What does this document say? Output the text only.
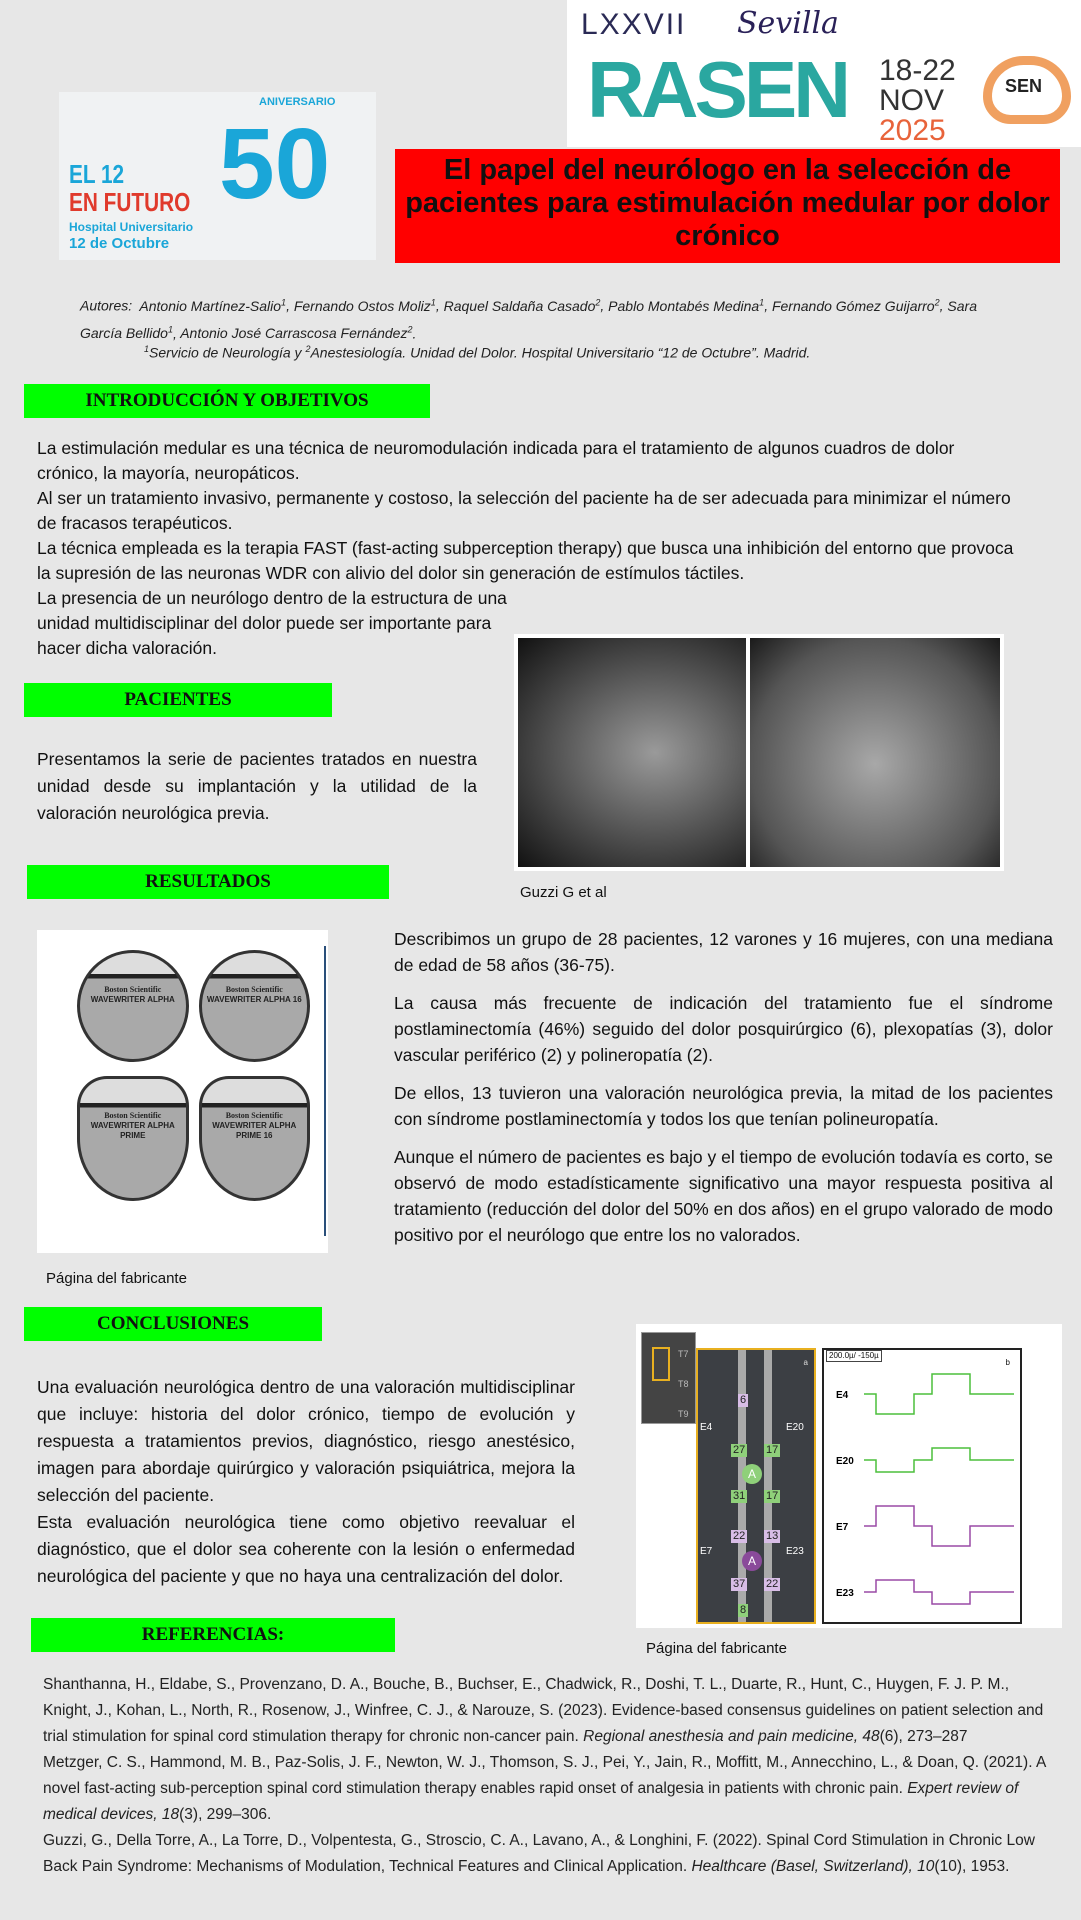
LXXVII
RASEN
Sevilla
18-22
NOV
2025
SEN
50
ANIVERSARIO
EL 12
EN FUTURO
Hospital Universitario
12 de Octubre
El papel del neurólogo en la selección de pacientes para estimulación medular por dolor crónico
Autores: Antonio Martínez-Salio$^1$, Fernando Ostos Moliz$^1$, Raquel Saldaña Casado$^2$, Pablo Montabés Medina$^1$, Fernando Gómez Guijarro$^2$, Sara García Bellido$^1$, Antonio José Carrascosa Fernández$^2$.
$^1$Servicio de Neurología y $^2$Anestesiología. Unidad del Dolor. Hospital Universitario “12 de Octubre”. Madrid.
INTRODUCCIÓN Y OBJETIVOS

La estimulación medular es una técnica de neuromodulación indicada para el tratamiento de algunos cuadros de dolor crónico, la mayoría, neuropáticos.

Al ser un tratamiento invasivo, permanente y costoso, la selección del paciente ha de ser adecuada para minimizar el número de fracasos terapéuticos.

La técnica empleada es la terapia FAST (fast-acting subperception therapy) que busca una inhibición del entorno que provoca la supresión de las neuronas WDR con alivio del dolor sin generación de estímulos táctiles.

La presencia de un neurólogo dentro de la estructura de una unidad multidisciplinar del dolor puede ser importante para hacer dicha valoración.

Guzzi G et al
PACIENTES
Presentamos la serie de pacientes tratados en nuestra unidad desde su implantación y la utilidad de la valoración neurológica previa.
RESULTADOS
Boston Scientific
WAVEWRITER ALPHA
Boston Scientific
WAVEWRITER ALPHA 16
Boston Scientific
WAVEWRITER ALPHA PRIME
Boston Scientific
WAVEWRITER ALPHA PRIME 16
Página del fabricante

Describimos un grupo de 28 pacientes, 12 varones y 16 mujeres, con una mediana de edad de 58 años (36-75).

La causa más frecuente de indicación del tratamiento fue el síndrome postlaminectomía (46%) seguido del dolor posquirúrgico (6), plexopatías (3), dolor vascular periférico (2) y polineropatía (2).

De ellos, 13 tuvieron una valoración neurológica previa, la mitad de los pacientes con síndrome postlaminectomía y todos los que tenían polineuropatía.

Aunque el número de pacientes es bajo y el tiempo de evolución todavía es corto, se observó de modo estadísticamente significativo una mayor respuesta positiva al tratamiento (reducción del dolor del 50% en dos años) en el grupo valorado de modo positivo por el neurólogo que entre los no valorados.

CONCLUSIONES

Una evaluación neurológica dentro de una valoración multidisciplinar que incluye: historia del dolor crónico, tiempo de evolución y respuesta a tratamientos previos, diagnóstico, riesgo anestésico, imagen para abordaje quirúrgico y valoración psiquiátrica, mejora la selección del paciente.

Esta evaluación neurológica tiene como objetivo reevaluar el diagnóstico, que el dolor sea coherente con la lesión o enfermedad neurológica del paciente y que no haya una centralización del dolor.

T7
T8
T9
a
6
27 17
31 17
22 13
37 22
8
E4	E20
E7	E23
A
A
200.0µ/ -150µ
b
E4
E20
E7
E23
Página del fabricante
REFERENCIAS:

Shanthanna, H., Eldabe, S., Provenzano, D. A., Bouche, B., Buchser, E., Chadwick, R., Doshi, T. L., Duarte, R., Hunt, C., Huygen, F. J. P. M., Knight, J., Kohan, L., North, R., Rosenow, J., Winfree, C. J., & Narouze, S. (2023). Evidence-based consensus guidelines on patient selection and trial stimulation for spinal cord stimulation therapy for chronic non-cancer pain. Regional anesthesia and pain medicine, 48(6), 273–287

Metzger, C. S., Hammond, M. B., Paz-Solis, J. F., Newton, W. J., Thomson, S. J., Pei, Y., Jain, R., Moffitt, M., Annecchino, L., & Doan, Q. (2021). A novel fast-acting sub-perception spinal cord stimulation therapy enables rapid onset of analgesia in patients with chronic pain. Expert review of medical devices, 18(3), 299–306.

Guzzi, G., Della Torre, A., La Torre, D., Volpentesta, G., Stroscio, C. A., Lavano, A., & Longhini, F. (2022). Spinal Cord Stimulation in Chronic Low Back Pain Syndrome: Mechanisms of Modulation, Technical Features and Clinical Application. Healthcare (Basel, Switzerland), 10(10), 1953.
